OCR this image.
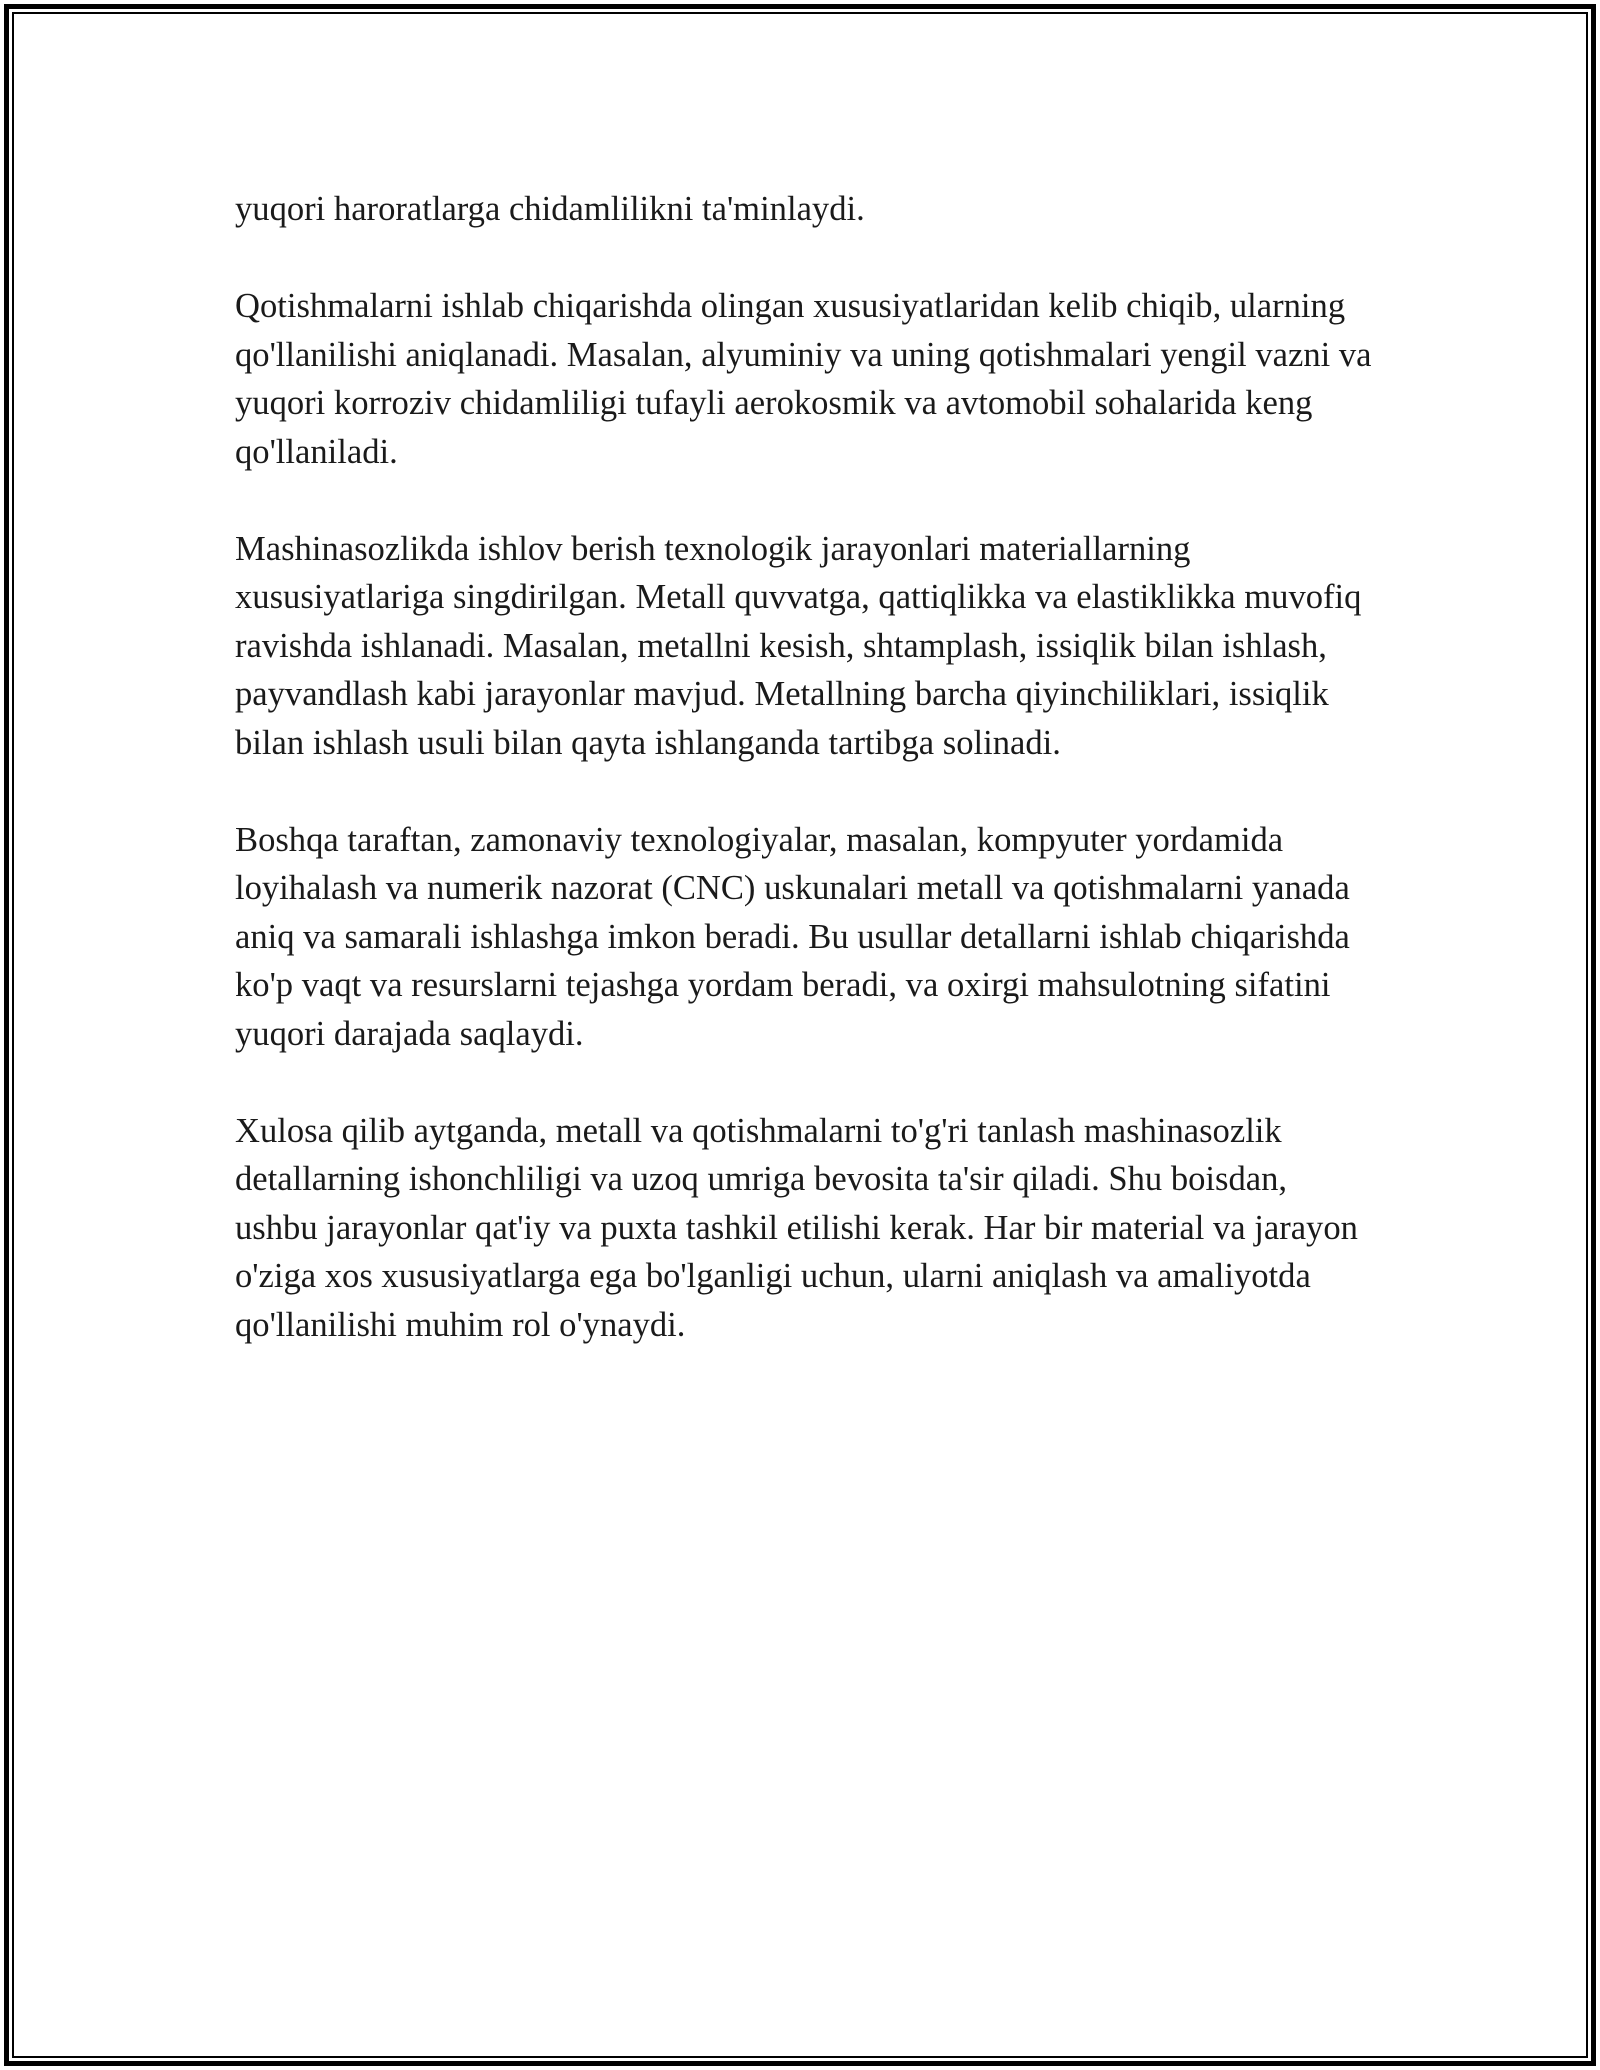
yuqori haroratlarga chidamlilikni ta'minlaydi.

Qotishmalarni ishlab chiqarishda olingan xususiyatlaridan kelib chiqib, ularning qo'llanilishi aniqlanadi. Masalan, alyuminiy va uning qotishmalari yengil vazni va yuqori korroziv chidamliligi tufayli aerokosmik va avtomobil sohalarida keng qo'llaniladi.

Mashinasozlikda ishlov berish texnologik jarayonlari materiallarning xususiyatlariga singdirilgan. Metall quvvatga, qattiqlikka va elastiklikka muvofiq ravishda ishlanadi. Masalan, metallni kesish, shtamplash, issiqlik bilan ishlash, payvandlash kabi jarayonlar mavjud. Metallning barcha qiyinchiliklari, issiqlik bilan ishlash usuli bilan qayta ishlanganda tartibga solinadi.

Boshqa taraftan, zamonaviy texnologiyalar, masalan, kompyuter yordamida loyihalash va numerik nazorat (CNC) uskunalari metall va qotishmalarni yanada aniq va samarali ishlashga imkon beradi. Bu usullar detallarni ishlab chiqarishda ko'p vaqt va resurslarni tejashga yordam beradi, va oxirgi mahsulotning sifatini yuqori darajada saqlaydi.

Xulosa qilib aytganda, metall va qotishmalarni to'g'ri tanlash mashinasozlik detallarning ishonchliligi va uzoq umriga bevosita ta'sir qiladi. Shu boisdan, ushbu jarayonlar qat'iy va puxta tashkil etilishi kerak. Har bir material va jarayon o'ziga xos xususiyatlarga ega bo'lganligi uchun, ularni aniqlash va amaliyotda qo'llanilishi muhim rol o'ynaydi.
